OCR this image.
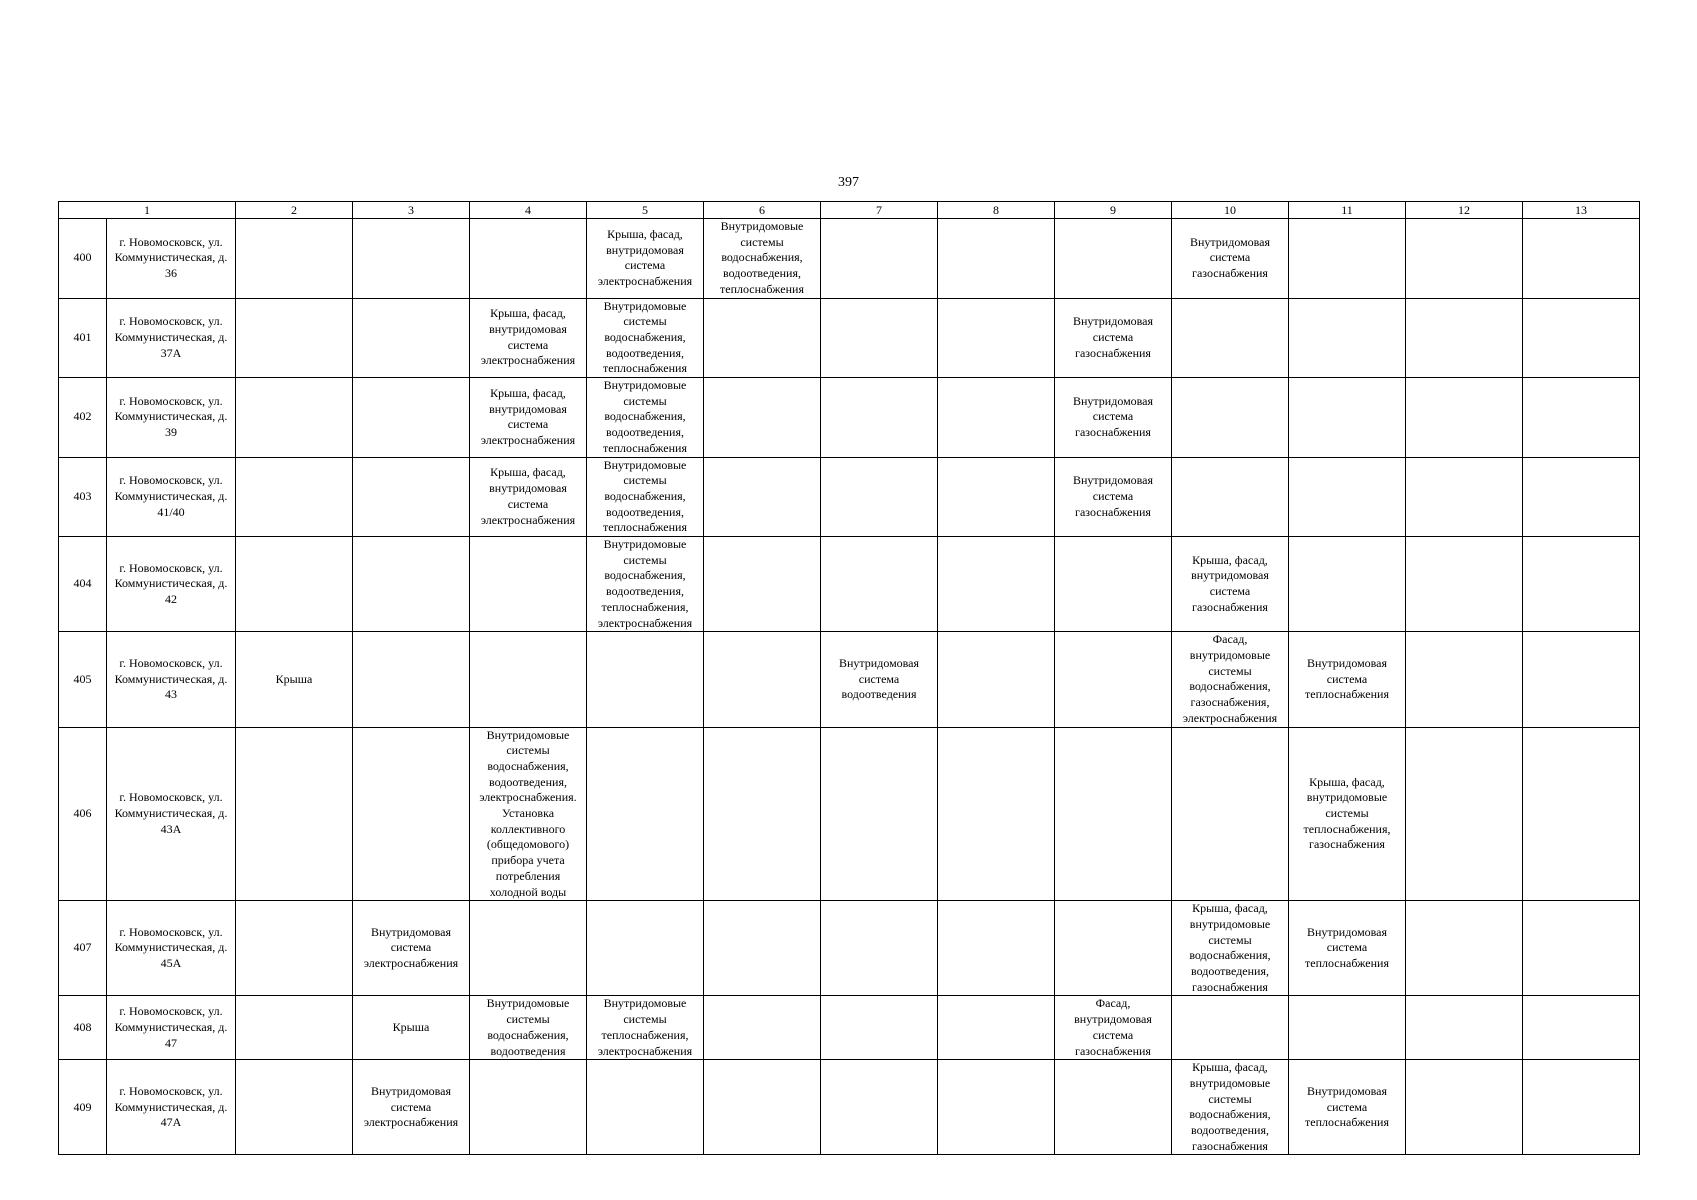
397
1		2	3	4	5	6	7	8	9	10	11	12	13
400	г. Новомосковск, ул. Коммунистическая, д. 36				Крыша, фасад, внутридомовая система электроснабжения	Внутридомовые системы водоснабжения, водоотведения, теплоснабжения				Внутридомовая система газоснабжения			
401	г. Новомосковск, ул. Коммунистическая, д. 37А			Крыша, фасад, внутридомовая система электроснабжения	Внутридомовые системы водоснабжения, водоотведения, теплоснабжения				Внутридомовая система газоснабжения				
402	г. Новомосковск, ул. Коммунистическая, д. 39			Крыша, фасад, внутридомовая система электроснабжения	Внутридомовые системы водоснабжения, водоотведения, теплоснабжения				Внутридомовая система газоснабжения				
403	г. Новомосковск, ул. Коммунистическая, д. 41/40			Крыша, фасад, внутридомовая система электроснабжения	Внутридомовые системы водоснабжения, водоотведения, теплоснабжения				Внутридомовая система газоснабжения				
404	г. Новомосковск, ул. Коммунистическая, д. 42				Внутридомовые системы водоснабжения, водоотведения, теплоснабжения, электроснабжения					Крыша, фасад, внутридомовая система газоснабжения			
405	г. Новомосковск, ул. Коммунистическая, д. 43	Крыша					Внутридомовая система водоотведения			Фасад, внутридомовые системы водоснабжения, газоснабжения, электроснабжения	Внутридомовая система теплоснабжения		
406	г. Новомосковск, ул. Коммунистическая, д. 43А			Внутридомовые системы водоснабжения, водоотведения, электроснабжения. Установка коллективного (общедомового) прибора учета потребления холодной воды							Крыша, фасад, внутридомовые системы теплоснабжения, газоснабжения		
407	г. Новомосковск, ул. Коммунистическая, д. 45А		Внутридомовая система электроснабжения							Крыша, фасад, внутридомовые системы водоснабжения, водоотведения, газоснабжения	Внутридомовая система теплоснабжения		
408	г. Новомосковск, ул. Коммунистическая, д. 47		Крыша	Внутридомовые системы водоснабжения, водоотведения	Внутридомовые системы теплоснабжения, электроснабжения				Фасад, внутридомовая система газоснабжения				
409	г. Новомосковск, ул. Коммунистическая, д. 47А		Внутридомовая система электроснабжения							Крыша, фасад, внутридомовые системы водоснабжения, водоотведения, газоснабжения	Внутридомовая система теплоснабжения		
